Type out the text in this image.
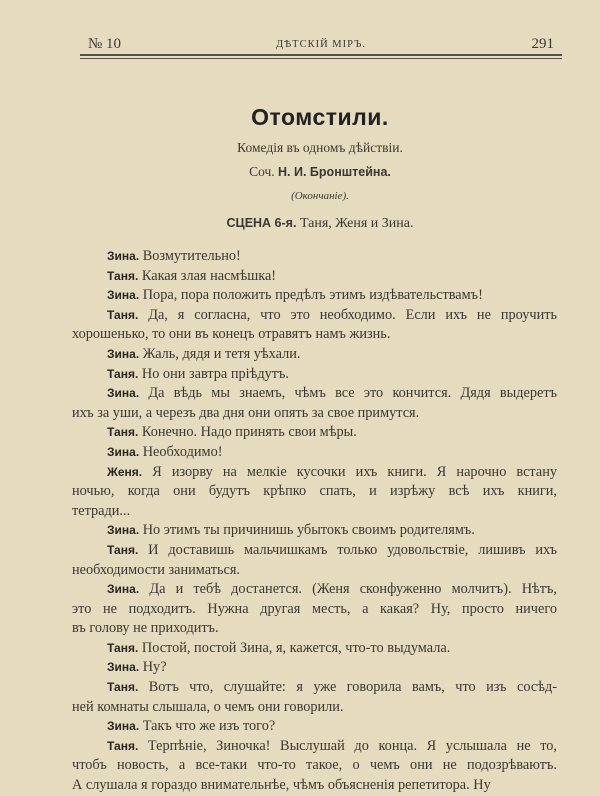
№ 10	ДѢТСКІЙ МІРЪ.	291
Отомстили.
Комедія въ одномъ дѣйствіи.
Соч. Н. И. Бронштейна.
(Окончаніе).
СЦЕНА 6-я. Таня, Женя и Зина.
Зина. Возмутительно!
Таня. Какая злая насмѣшка!
Зина. Пора, пора положить предѣлъ этимъ издѣвательствамъ!
Таня. Да, я согласна, что это необходимо. Если ихъ не проучить
хорошенько, то они въ конецъ отравятъ намъ жизнь.
Зина. Жаль, дядя и тетя уѣхали.
Таня. Но они завтра пріѣдутъ.
Зина. Да вѣдь мы знаемъ, чѣмъ все это кончится. Дядя выдеретъ
ихъ за уши, а черезъ два дня они опять за свое примутся.
Таня. Конечно. Надо принять свои мѣры.
Зина. Необходимо!
Женя. Я изорву на мелкіе кусочки ихъ книги. Я нарочно встану
ночью, когда они будутъ крѣпко спать, и изрѣжу всѣ ихъ книги,
тетради...
Зина. Но этимъ ты причинишь убытокъ своимъ родителямъ.
Таня. И доставишь мальчишкамъ только удовольствіе, лишивъ ихъ
необходимости заниматься.
Зина. Да и тебѣ достанется. (Женя сконфуженно молчитъ). Нѣтъ,
это не подходитъ. Нужна другая месть, а какая? Ну, просто ничего
въ голову не приходитъ.
Таня. Постой, постой Зина, я, кажется, что-то выдумала.
Зина. Ну?
Таня. Вотъ что, слушайте: я уже говорила вамъ, что изъ сосѣд-
ней комнаты слышала, о чемъ они говорили.
Зина. Такъ что же изъ того?
Таня. Терпѣніе, Зиночка! Выслушай до конца. Я услышала не то,
чтобъ новость, а все-таки что-то такое, о чемъ они не подозрѣваютъ.
А слушала я гораздо внимательнѣе, чѣмъ объясненія репетитора. Ну
